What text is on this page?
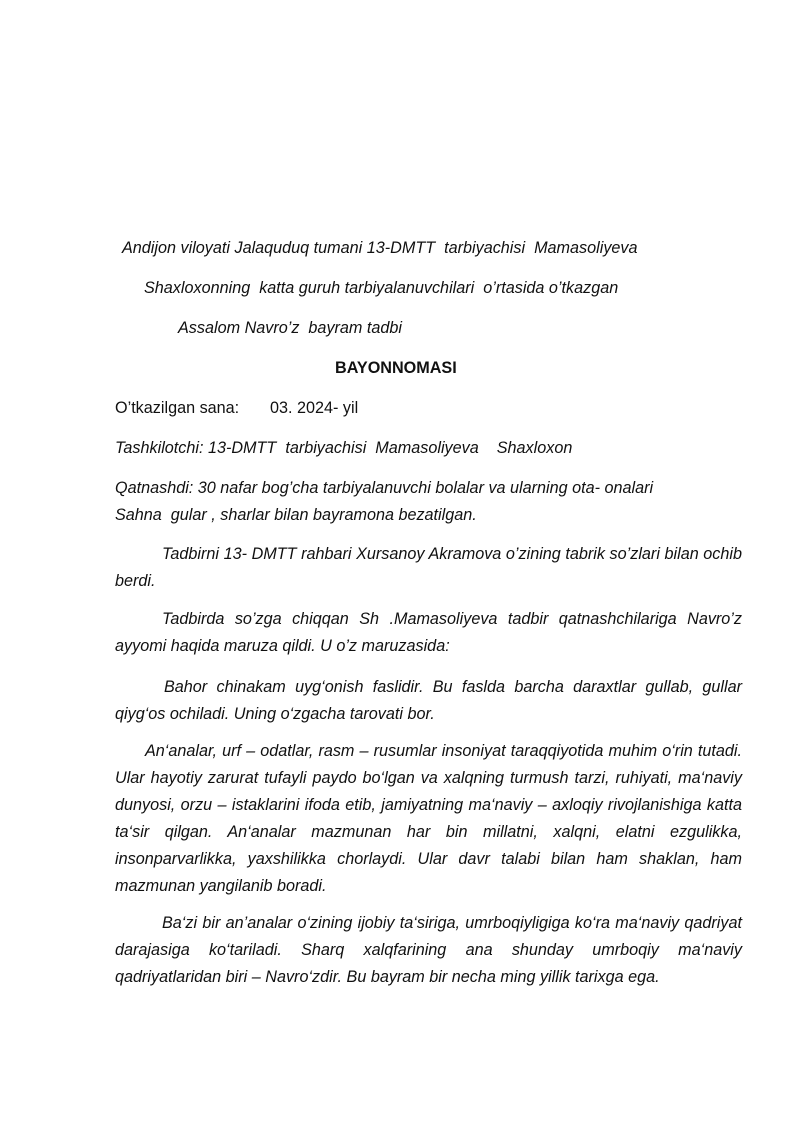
Andijon viloyati Jalaquduq tumani 13-DMTT  tarbiyachisi  Mamasoliyeva
Shaxloxonning  katta guruh tarbiyalanuvchilari  o’rtasida o’tkazgan
Assalom Navro’z  bayram tadbi
BAYONNOMASI
O’tkazilgan sana: 03. 2024- yil
Tashkilotchi: 13-DMTT  tarbiyachisi  Mamasoliyeva    Shaxloxon
Qatnashdi: 30 nafar bog’cha tarbiyalanuvchi bolalar va ularning ota- onalari
Sahna  gular , sharlar bilan bayramona bezatilgan.
Tadbirni 13- DMTT rahbari Xursanoy Akramova o’zining tabrik so’zlari bilan ochib berdi.
Tadbirda so’zga chiqqan Sh .Mamasoliyeva tadbir qatnashchilariga Navro’z ayyomi haqida maruza qildi. U o’z maruzasida:
Bahor chinakam uyg‘onish faslidir. Bu faslda barcha daraxtlar gullab, gullar qiyg‘os ochiladi. Uning o‘zgacha tarovati bor.
An‘analar, urf – odatlar, rasm – rusumlar insoniyat taraqqiyotida muhim o‘rin tutadi. Ular hayotiy zarurat tufayli paydo bo‘lgan va xalqning turmush tarzi, ruhiyati, ma‘naviy dunyosi, orzu – istaklarini ifoda etib, jamiyatning ma‘naviy – axloqiy rivojlanishiga katta ta‘sir qilgan. An‘analar mazmunan har bin millatni, xalqni, elatni ezgulikka, insonparvarlikka, yaxshilikka chorlaydi. Ular davr talabi bilan ham shaklan, ham mazmunan yangilanib boradi.
Ba‘zi bir an’analar o‘zining ijobiy ta‘siriga, umrboqiyligiga ko‘ra ma‘naviy qadriyat darajasiga ko‘tariladi. Sharq xalqfarining ana shunday umrboqiy ma‘naviy qadriyatlaridan biri – Navro‘zdir. Bu bayram bir necha ming yillik tarixga ega.
